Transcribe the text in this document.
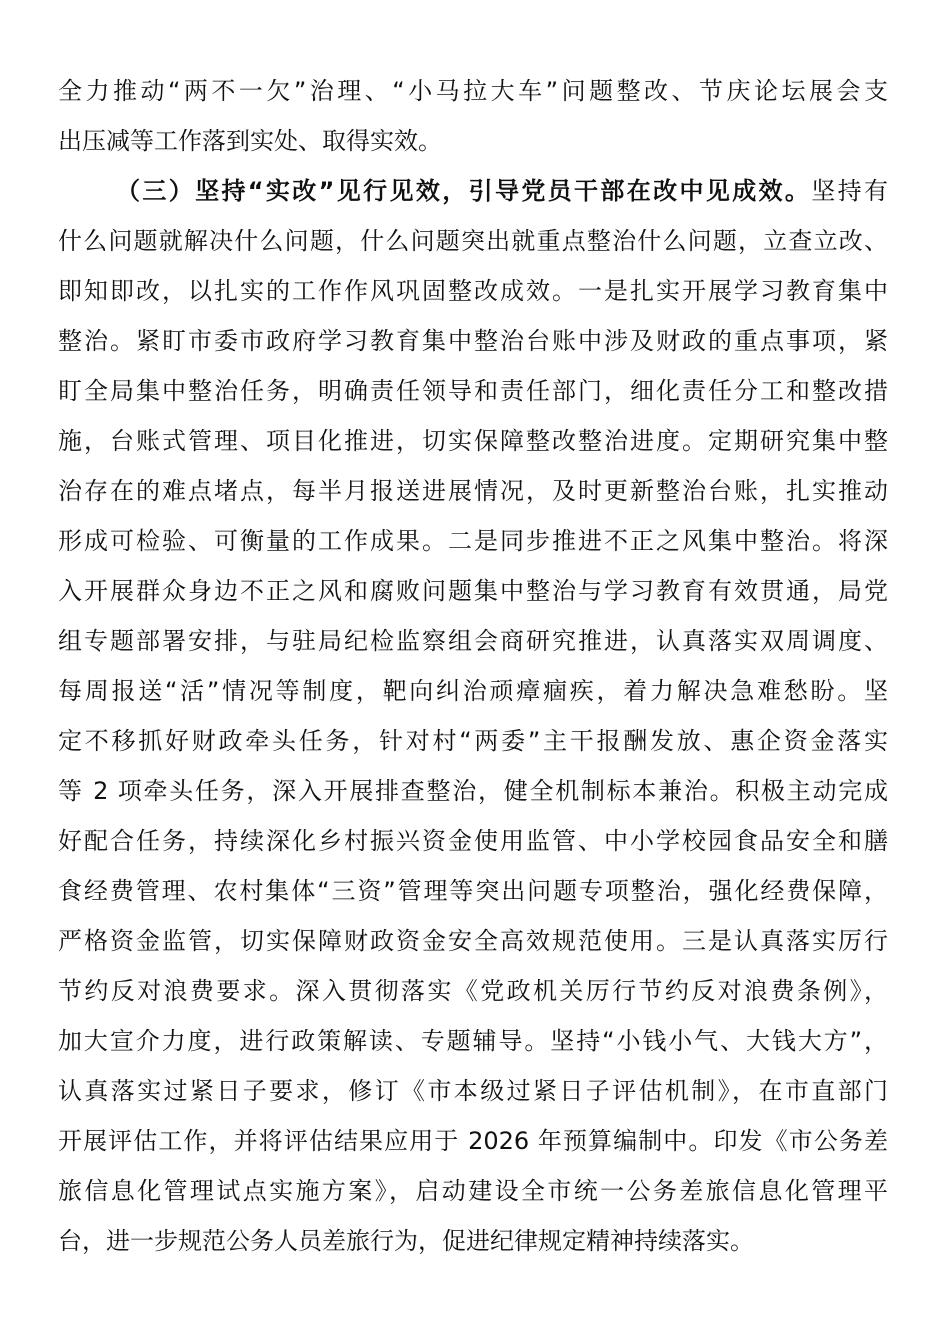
全力推动“两不一欠”治理、“小马拉大车”问题整改、节庆论坛展会支
出压减等工作落到实处、取得实效。
（三）坚持“实改”见行见效，引导党员干部在改中见成效。坚持有
什么问题就解决什么问题，什么问题突出就重点整治什么问题，立查立改、
即知即改，以扎实的工作作风巩固整改成效。一是扎实开展学习教育集中
整治。紧盯市委市政府学习教育集中整治台账中涉及财政的重点事项，紧
盯全局集中整治任务，明确责任领导和责任部门，细化责任分工和整改措
施，台账式管理、项目化推进，切实保障整改整治进度。定期研究集中整
治存在的难点堵点，每半月报送进展情况，及时更新整治台账，扎实推动
形成可检验、可衡量的工作成果。二是同步推进不正之风集中整治。将深
入开展群众身边不正之风和腐败问题集中整治与学习教育有效贯通，局党
组专题部署安排，与驻局纪检监察组会商研究推进，认真落实双周调度、
每周报送“活”情况等制度，靶向纠治顽瘴痼疾，着力解决急难愁盼。坚
定不移抓好财政牵头任务，针对村“两委”主干报酬发放、惠企资金落实
等 2 项牵头任务，深入开展排查整治，健全机制标本兼治。积极主动完成
好配合任务，持续深化乡村振兴资金使用监管、中小学校园食品安全和膳
食经费管理、农村集体“三资”管理等突出问题专项整治，强化经费保障，
严格资金监管，切实保障财政资金安全高效规范使用。三是认真落实厉行
节约反对浪费要求。深入贯彻落实《党政机关厉行节约反对浪费条例》，
加大宣介力度，进行政策解读、专题辅导。坚持“小钱小气、大钱大方”，
认真落实过紧日子要求，修订《市本级过紧日子评估机制》，在市直部门
开展评估工作，并将评估结果应用于 2026 年预算编制中。印发《市公务差
旅信息化管理试点实施方案》，启动建设全市统一公务差旅信息化管理平
台，进一步规范公务人员差旅行为，促进纪律规定精神持续落实。
